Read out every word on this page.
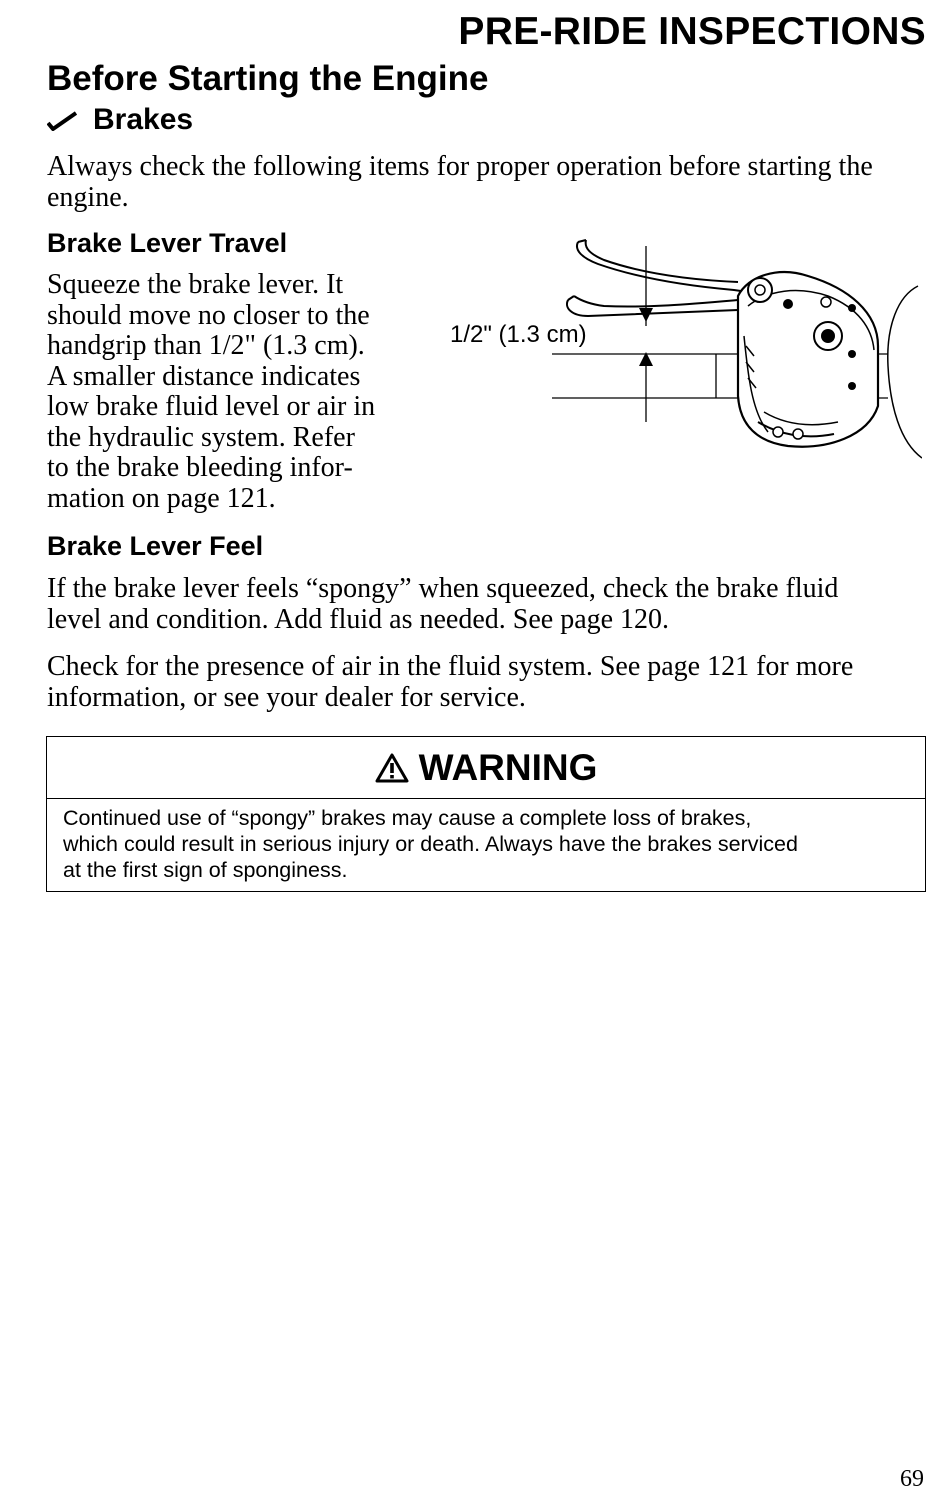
PRE-RIDE INSPECTIONS
Before Starting the Engine
Brakes
Always check the following items for proper operation before starting the engine.
Brake Lever Travel
Squeeze the brake lever. It
should move no closer to the
handgrip than 1/2" (1.3 cm).
A smaller distance indicates
low brake fluid level or air in
the hydraulic system. Refer
to the brake bleeding infor-
mation on page 121.
1/2" (1.3 cm)
Brake Lever Feel
If the brake lever feels “spongy” when squeezed, check the brake fluid
level and condition. Add fluid as needed. See page 120.
Check for the presence of air in the fluid system. See page 121 for more
information, or see your dealer for service.
WARNING
Continued use of “spongy” brakes may cause a complete loss of brakes,
which could result in serious injury or death. Always have the brakes serviced
at the first sign of sponginess.
69
